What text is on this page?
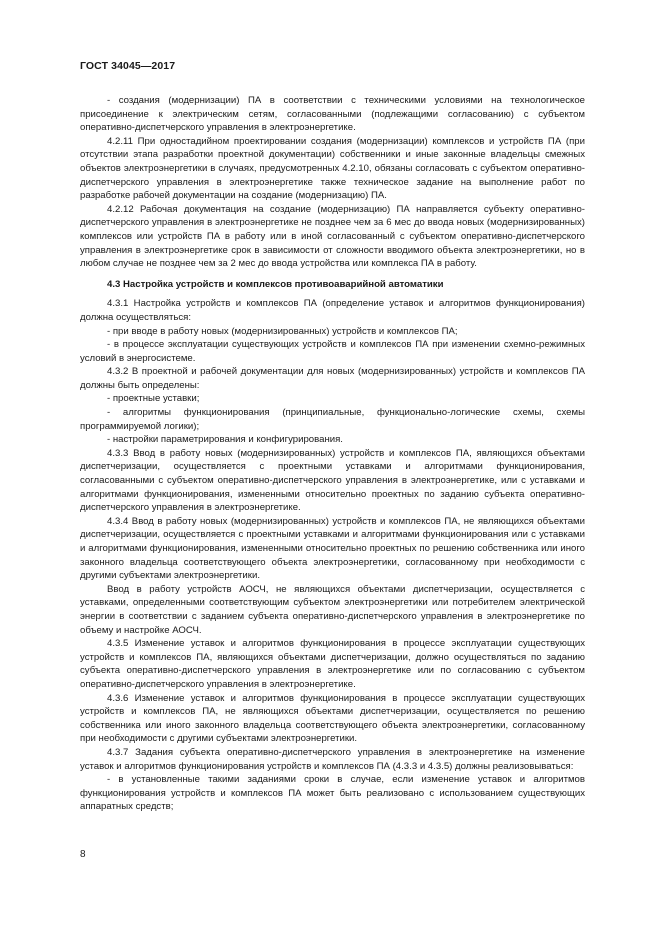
ГОСТ 34045—2017

- создания (модернизации) ПА в соответствии с техническими условиями на технологическое присоединение к электрическим сетям, согласованными (подлежащими согласованию) с субъектом оперативно-диспетчерского управления в электроэнергетике.

4.2.11 При одностадийном проектировании создания (модернизации) комплексов и устройств ПА (при отсутствии этапа разработки проектной документации) собственники и иные законные владельцы смежных объектов электроэнергетики в случаях, предусмотренных 4.2.10, обязаны согласовать с субъектом оперативно-диспетчерского управления в электроэнергетике также техническое задание на выполнение работ по разработке рабочей документации на создание (модернизацию) ПА.

4.2.12 Рабочая документация на создание (модернизацию) ПА направляется субъекту оперативно-диспетчерского управления в электроэнергетике не позднее чем за 6 мес до ввода новых (модернизированных) комплексов или устройств ПА в работу или в иной согласованный с субъектом оперативно-диспетчерского управления в электроэнергетике срок в зависимости от сложности вводимого объекта электроэнергетики, но в любом случае не позднее чем за 2 мес до ввода устройства или комплекса ПА в работу.

4.3 Настройка устройств и комплексов противоаварийной автоматики

4.3.1 Настройка устройств и комплексов ПА (определение уставок и алгоритмов функционирования) должна осуществляться:

- при вводе в работу новых (модернизированных) устройств и комплексов ПА;

- в процессе эксплуатации существующих устройств и комплексов ПА при изменении схемно-режимных условий в энергосистеме.

4.3.2 В проектной и рабочей документации для новых (модернизированных) устройств и комплексов ПА должны быть определены:

- проектные уставки;

- алгоритмы функционирования (принципиальные, функционально-логические схемы, схемы программируемой логики);

- настройки параметрирования и конфигурирования.

4.3.3 Ввод в работу новых (модернизированных) устройств и комплексов ПА, являющихся объектами диспетчеризации, осуществляется с проектными уставками и алгоритмами функционирования, согласованными с субъектом оперативно-диспетчерского управления в электроэнергетике, или с уставками и алгоритмами функционирования, измененными относительно проектных по заданию субъекта оперативно-диспетчерского управления в электроэнергетике.

4.3.4 Ввод в работу новых (модернизированных) устройств и комплексов ПА, не являющихся объектами диспетчеризации, осуществляется с проектными уставками и алгоритмами функционирования или с уставками и алгоритмами функционирования, измененными относительно проектных по решению собственника или иного законного владельца соответствующего объекта электроэнергетики, согласованному при необходимости с другими субъектами электроэнергетики.

Ввод в работу устройств АОСЧ, не являющихся объектами диспетчеризации, осуществляется с уставками, определенными соответствующим субъектом электроэнергетики или потребителем электрической энергии в соответствии с заданием субъекта оперативно-диспетчерского управления в электроэнергетике по объему и настройке АОСЧ.

4.3.5 Изменение уставок и алгоритмов функционирования в процессе эксплуатации существующих устройств и комплексов ПА, являющихся объектами диспетчеризации, должно осуществляться по заданию субъекта оперативно-диспетчерского управления в электроэнергетике или по согласованию с субъектом оперативно-диспетчерского управления в электроэнергетике.

4.3.6 Изменение уставок и алгоритмов функционирования в процессе эксплуатации существующих устройств и комплексов ПА, не являющихся объектами диспетчеризации, осуществляется по решению собственника или иного законного владельца соответствующего объекта электроэнергетики, согласованному при необходимости с другими субъектами электроэнергетики.

4.3.7 Задания субъекта оперативно-диспетчерского управления в электроэнергетике на изменение уставок и алгоритмов функционирования устройств и комплексов ПА (4.3.3 и 4.3.5) должны реализовываться:

- в установленные такими заданиями сроки в случае, если изменение уставок и алгоритмов функционирования устройств и комплексов ПА может быть реализовано с использованием существующих аппаратных средств;

8
